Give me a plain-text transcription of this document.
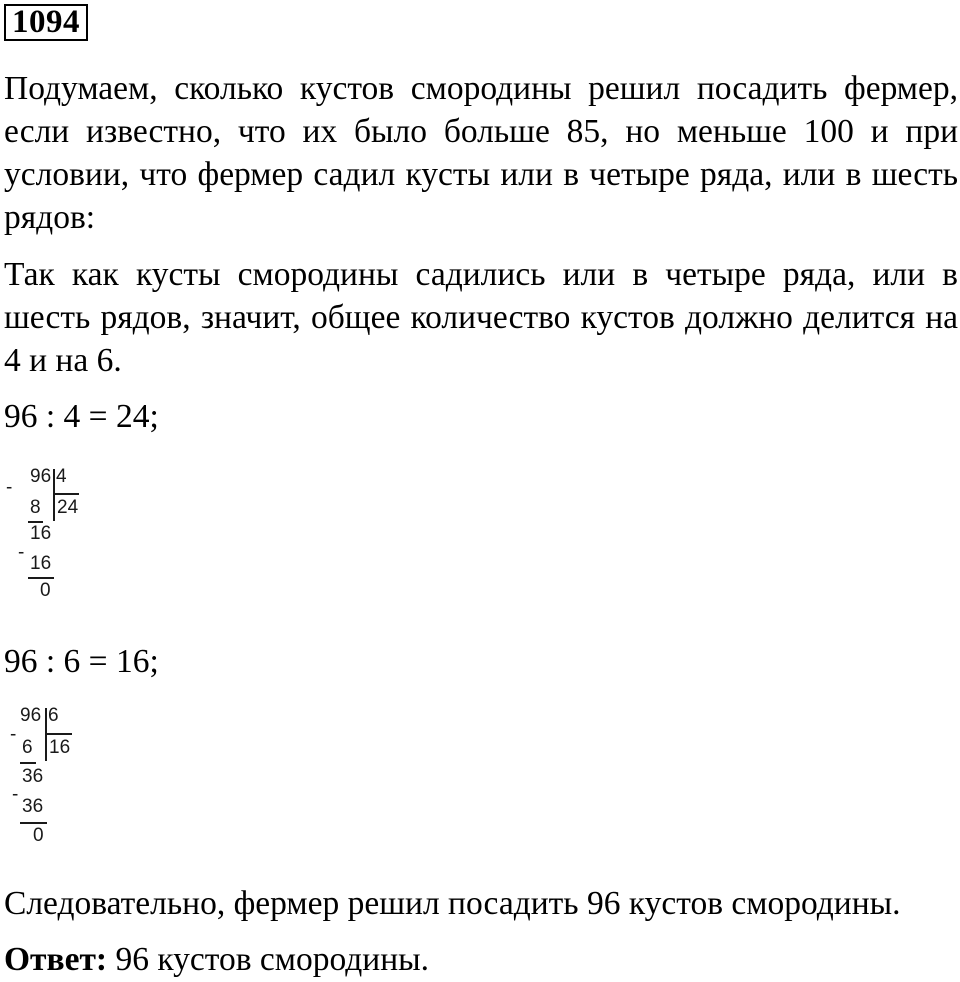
1094

Подумаем, сколько кустов смородины решил посадить фермер, если известно, что их было больше 85, но меньше 100 и при условии, что фермер садил кусты или в четыре ряда, или в шесть рядов:

Так как кусты смородины садились или в четыре ряда, или в шесть рядов, значит, общее количество кустов должно делится на 4 и на 6.

96 : 4 = 24;
-
96 4
8 24
16
-
16
0
96 : 6 = 16;
96 6
-
6 16
36
-
36
0
Следовательно, фермер решил посадить 96 кустов смородины.
Ответ: 96 кустов смородины.
